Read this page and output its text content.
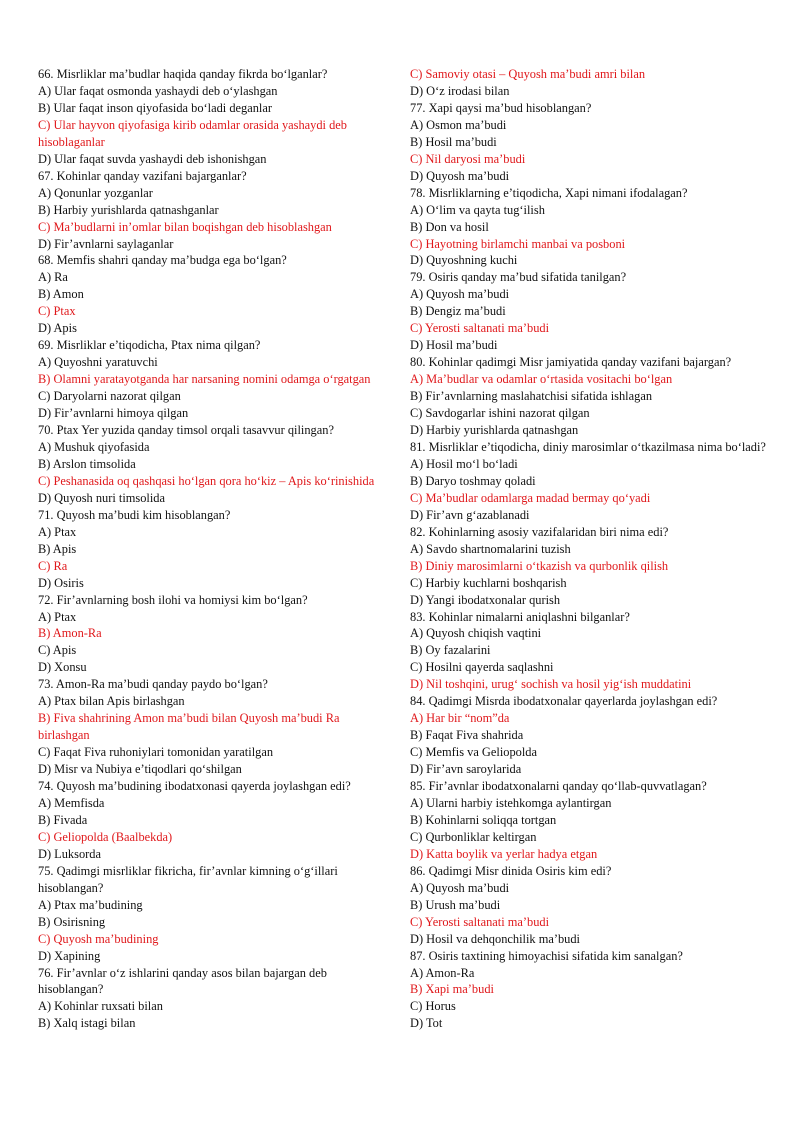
66. Misrliklar ma’budlar haqida qanday fikrda bo‘lganlar?
A) Ular faqat osmonda yashaydi deb o‘ylashgan
B) Ular faqat inson qiyofasida bo‘ladi deganlar
C) Ular hayvon qiyofasiga kirib odamlar orasida yashaydi deb hisoblaganlar
D) Ular faqat suvda yashaydi deb ishonishgan
67. Kohinlar qanday vazifani bajarganlar?
A) Qonunlar yozganlar
B) Harbiy yurishlarda qatnashganlar
C) Ma’budlarni in’omlar bilan boqishgan deb hisoblashgan
D) Fir’avnlarni saylaganlar
68. Memfis shahri qanday ma’budga ega bo‘lgan?
A) Ra
B) Amon
C) Ptax
D) Apis
69. Misrliklar e’tiqodicha, Ptax nima qilgan?
A) Quyoshni yaratuvchi
B) Olamni yaratayotganda har narsaning nomini odamga o‘rgatgan
C) Daryolarni nazorat qilgan
D) Fir’avnlarni himoya qilgan
70. Ptax Yer yuzida qanday timsol orqali tasavvur qilingan?
A) Mushuk qiyofasida
B) Arslon timsolida
C) Peshanasida oq qashqasi ho‘lgan qora ho‘kiz – Apis ko‘rinishida
D) Quyosh nuri timsolida
71. Quyosh ma’budi kim hisoblangan?
A) Ptax
B) Apis
C) Ra
D) Osiris
72. Fir’avnlarning bosh ilohi va homiysi kim bo‘lgan?
A) Ptax
B) Amon-Ra
C) Apis
D) Xonsu
73. Amon-Ra ma’budi qanday paydo bo‘lgan?
A) Ptax bilan Apis birlashgan
B) Fiva shahrining Amon ma’budi bilan Quyosh ma’budi Ra birlashgan
C) Faqat Fiva ruhoniylari tomonidan yaratilgan
D) Misr va Nubiya e’tiqodlari qo‘shilgan
74. Quyosh ma’budining ibodatxonasi qayerda joylashgan edi?
A) Memfisda
B) Fivada
C) Geliopolda (Baalbekda)
D) Luksorda
75. Qadimgi misrliklar fikricha, fir’avnlar kimning o‘g‘illari hisoblangan?
A) Ptax ma’budining
B) Osirisning
C) Quyosh ma’budining
D) Xapining
76. Fir’avnlar o‘z ishlarini qanday asos bilan bajargan deb hisoblangan?
A) Kohinlar ruxsati bilan
B) Xalq istagi bilan
C) Samoviy otasi – Quyosh ma’budi amri bilan
D) O‘z irodasi bilan
77. Xapi qaysi ma’bud hisoblangan?
A) Osmon ma’budi
B) Hosil ma’budi
C) Nil daryosi ma’budi
D) Quyosh ma’budi
78. Misrliklarning e’tiqodicha, Xapi nimani ifodalagan?
A) O‘lim va qayta tug‘ilish
B) Don va hosil
C) Hayotning birlamchi manbai va posboni
D) Quyoshning kuchi
79. Osiris qanday ma’bud sifatida tanilgan?
A) Quyosh ma’budi
B) Dengiz ma’budi
C) Yerosti saltanati ma’budi
D) Hosil ma’budi
80. Kohinlar qadimgi Misr jamiyatida qanday vazifani bajargan?
A) Ma’budlar va odamlar o‘rtasida vositachi bo‘lgan
B) Fir’avnlarning maslahatchisi sifatida ishlagan
C) Savdogarlar ishini nazorat qilgan
D) Harbiy yurishlarda qatnashgan
81. Misrliklar e’tiqodicha, diniy marosimlar o‘tkazilmasa nima bo‘ladi?
A) Hosil mo‘l bo‘ladi
B) Daryo toshmay qoladi
C) Ma’budlar odamlarga madad bermay qo‘yadi
D) Fir’avn g‘azablanadi
82. Kohinlarning asosiy vazifalaridan biri nima edi?
A) Savdo shartnomalarini tuzish
B) Diniy marosimlarni o‘tkazish va qurbonlik qilish
C) Harbiy kuchlarni boshqarish
D) Yangi ibodatxonalar qurish
83. Kohinlar nimalarni aniqlashni bilganlar?
A) Quyosh chiqish vaqtini
B) Oy fazalarini
C) Hosilni qayerda saqlashni
D) Nil toshqini, urug‘ sochish va hosil yig‘ish muddatini
84. Qadimgi Misrda ibodatxonalar qayerlarda joylashgan edi?
A) Har bir “nom”da
B) Faqat Fiva shahrida
C) Memfis va Geliopolda
D) Fir’avn saroylarida
85. Fir’avnlar ibodatxonalarni qanday qo‘llab-quvvatlagan?
A) Ularni harbiy istehkomga aylantirgan
B) Kohinlarni soliqqa tortgan
C) Qurbonliklar keltirgan
D) Katta boylik va yerlar hadya etgan
86. Qadimgi Misr dinida Osiris kim edi?
A) Quyosh ma’budi
B) Urush ma’budi
C) Yerosti saltanati ma’budi
D) Hosil va dehqonchilik ma’budi
87. Osiris taxtining himoyachisi sifatida kim sanalgan?
A) Amon-Ra
B) Xapi ma’budi
C) Horus
D) Tot
